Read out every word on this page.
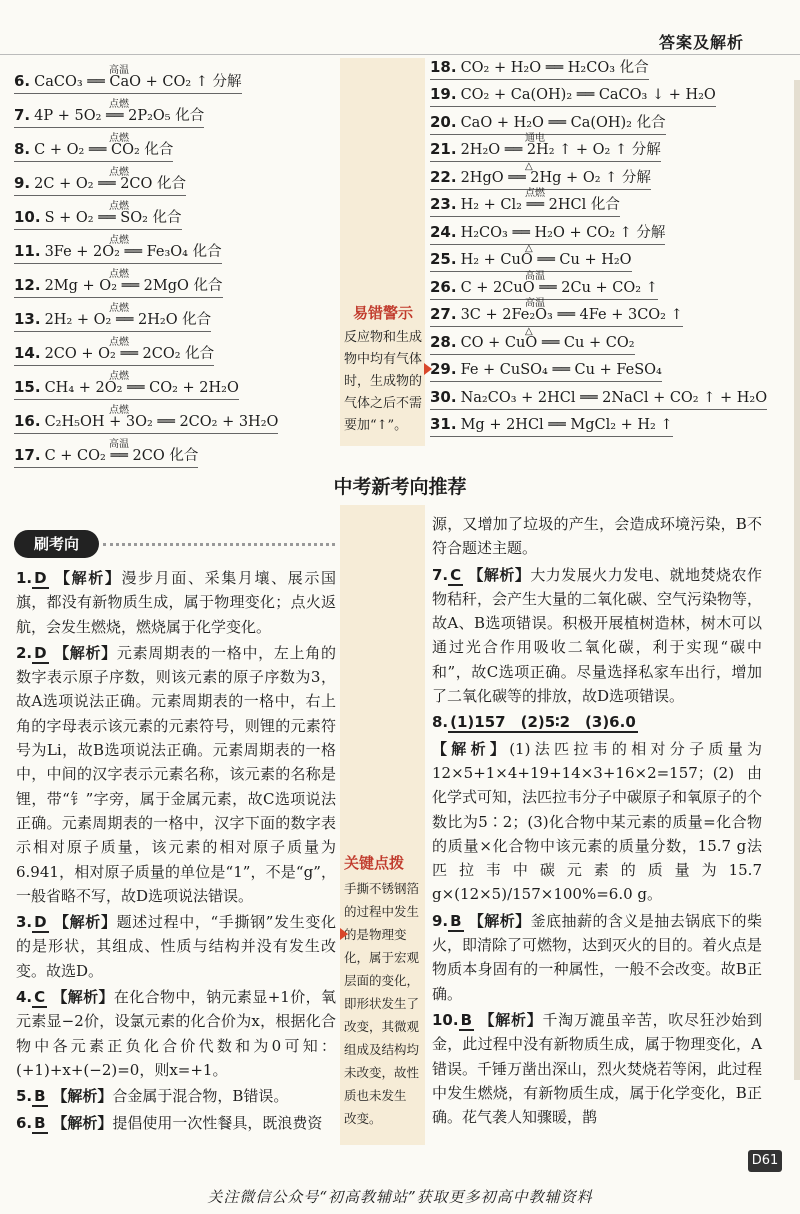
答案及解析
6. CaCO₃ ══ CaO + CO₂ ↑ 分解
高温
7. 4P + 5O₂ ══ 2P₂O₅ 化合
点燃
8. C + O₂ ══ CO₂ 化合
点燃
9. 2C + O₂ ══ 2CO 化合
点燃
10. S + O₂ ══ SO₂ 化合
点燃
11. 3Fe + 2O₂ ══ Fe₃O₄ 化合
点燃
12. 2Mg + O₂ ══ 2MgO 化合
点燃
13. 2H₂ + O₂ ══ 2H₂O 化合
点燃
14. 2CO + O₂ ══ 2CO₂ 化合
点燃
15. CH₄ + 2O₂ ══ CO₂ + 2H₂O
点燃
16. C₂H₅OH + 3O₂ ══ 2CO₂ + 3H₂O
点燃
17. C + CO₂ ══ 2CO 化合
高温
18. CO₂ + H₂O ══ H₂CO₃ 化合
19. CO₂ + Ca(OH)₂ ══ CaCO₃ ↓ + H₂O
20. CaO + H₂O ══ Ca(OH)₂ 化合
21. 2H₂O ══ 2H₂ ↑ + O₂ ↑ 分解
通电
22. 2HgO ══ 2Hg + O₂ ↑ 分解
△
23. H₂ + Cl₂ ══ 2HCl 化合
点燃
24. H₂CO₃ ══ H₂O + CO₂ ↑ 分解
25. H₂ + CuO ══ Cu + H₂O
△
26. C + 2CuO ══ 2Cu + CO₂ ↑
高温
27. 3C + 2Fe₂O₃ ══ 4Fe + 3CO₂ ↑
高温
28. CO + CuO ══ Cu + CO₂
△
29. Fe + CuSO₄ ══ Cu + FeSO₄
30. Na₂CO₃ + 2HCl ══ 2NaCl + CO₂ ↑ + H₂O
31. Mg + 2HCl ══ MgCl₂ + H₂ ↑
易错警示
反应物和生成
物中均有气体
时，生成物的
气体之后不需
要加“↑”。
中考新考向推荐
刷考向
关键点拨
手撕不锈钢箔
的过程中发生
的是物理变
化，属于宏观
层面的变化，
即形状发生了
改变，其微观
组成及结构均
未改变，故性
质也未发生
改变。
1. D 【解析】漫步月面、采集月壤、展示国旗，都没有新物质生成，属于物理变化；点火返航，会发生燃烧，燃烧属于化学变化。
2. D 【解析】元素周期表的一格中，左上角的数字表示原子序数，则该元素的原子序数为3，故A选项说法正确。元素周期表的一格中，右上角的字母表示该元素的元素符号，则锂的元素符号为Li，故B选项说法正确。元素周期表的一格中，中间的汉字表示元素名称，该元素的名称是锂，带“钅”字旁，属于金属元素，故C选项说法正确。元素周期表的一格中，汉字下面的数字表示相对原子质量，该元素的相对原子质量为6.941，相对原子质量的单位是“1”，不是“g”，一般省略不写，故D选项说法错误。
3. D 【解析】题述过程中，“手撕钢”发生变化的是形状，其组成、性质与结构并没有发生改变。故选D。
4. C 【解析】在化合物中，钠元素显+1价，氧元素显−2价，设氯元素的化合价为x，根据化合物中各元素正负化合价代数和为0可知：(+1)+x+(−2)=0，则x=+1。
5. B 【解析】合金属于混合物，B错误。
6. B 【解析】提倡使用一次性餐具，既浪费资
源，又增加了垃圾的产生，会造成环境污染，B不符合题述主题。
7. C 【解析】大力发展火力发电、就地焚烧农作物秸秆，会产生大量的二氧化碳、空气污染物等，故A、B选项错误。积极开展植树造林，树木可以通过光合作用吸收二氧化碳，利于实现“碳中和”，故C选项正确。尽量选择私家车出行，增加了二氧化碳等的排放，故D选项错误。
8. (1)157　(2)5∶2　(3)6.0
【解析】(1)法匹拉韦的相对分子质量为12×5+1×4+19+14×3+16×2=157；(2)由化学式可知，法匹拉韦分子中碳原子和氧原子的个数比为5∶2；(3)化合物中某元素的质量=化合物的质量×化合物中该元素的质量分数，15.7 g法匹拉韦中碳元素的质量为15.7 g×(12×5)/157×100%=6.0 g。
9. B 【解析】釜底抽薪的含义是抽去锅底下的柴火，即清除了可燃物，达到灭火的目的。着火点是物质本身固有的一种属性，一般不会改变。故B正确。
10. B 【解析】千淘万漉虽辛苦，吹尽狂沙始到金，此过程中没有新物质生成，属于物理变化，A错误。千锤万凿出深山，烈火焚烧若等闲，此过程中发生燃烧，有新物质生成，属于化学变化，B正确。花气袭人知骤暖，鹊
D61
关注微信公众号“初高教辅站”获取更多初高中教辅资料
